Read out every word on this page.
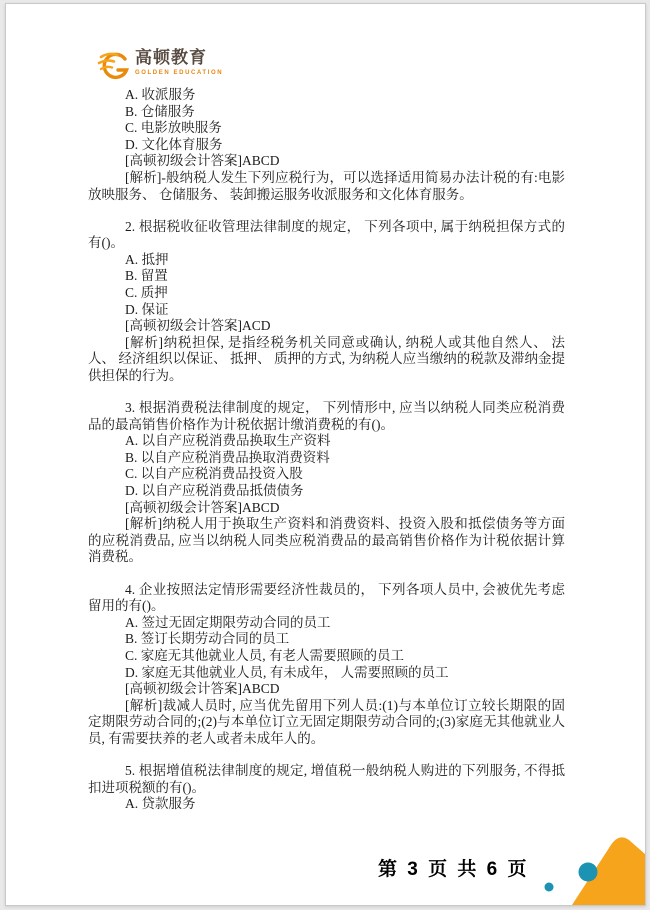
高顿教育
GOLDEN EDUCATION

A. 收派服务

B. 仓储服务

C. 电影放映服务

D. 文化体育服务

[高顿初级会计答案]ABCD

[解析]-般纳税人发生下列应税行为，可以选择适用简易办法计税的有:电影放映服务、 仓储服务、 装卸搬运服务收派服务和文化体育服务。

2. 根据税收征收管理法律制度的规定， 下列各项中, 属于纳税担保方式的有()。

A. 抵押

B. 留置

C. 质押

D. 保证

[高顿初级会计答案]ACD

[解析]纳税担保, 是指经税务机关同意或确认, 纳税人或其他自然人、 法人、 经济组织以保证、 抵押、 质押的方式, 为纳税人应当缴纳的税款及滞纳金提供担保的行为。

3. 根据消费税法律制度的规定， 下列情形中, 应当以纳税人同类应税消费品的最高销售价格作为计税依据计缴消费税的有()。

A. 以自产应税消费品换取生产资料

B. 以自产应税消费品换取消费资料

C. 以自产应税消费品投资入股

D. 以自产应税消费品抵债债务

[高顿初级会计答案]ABCD

[解析]纳税人用于换取生产资料和消费资料、投资入股和抵偿债务等方面的应税消费品, 应当以纳税人同类应税消费品的最高销售价格作为计税依据计算消费税。

4. 企业按照法定情形需要经济性裁员的， 下列各项人员中, 会被优先考虑留用的有()。

A. 签过无固定期限劳动合同的员工

B. 签订长期劳动合同的员工

C. 家庭无其他就业人员, 有老人需要照顾的员工

D. 家庭无其他就业人员, 有未成年， 人需要照顾的员工

[高顿初级会计答案]ABCD

[解析]裁减人员时, 应当优先留用下列人员:(1)与本单位订立较长期限的固定期限劳动合同的;(2)与本单位订立无固定期限劳动合同的;(3)家庭无其他就业人员, 有需要扶养的老人或者未成年人的。

5. 根据增值税法律制度的规定, 增值税一般纳税人购进的下列服务, 不得抵扣进项税额的有()。

A. 贷款服务

第 3 页 共 6 页
